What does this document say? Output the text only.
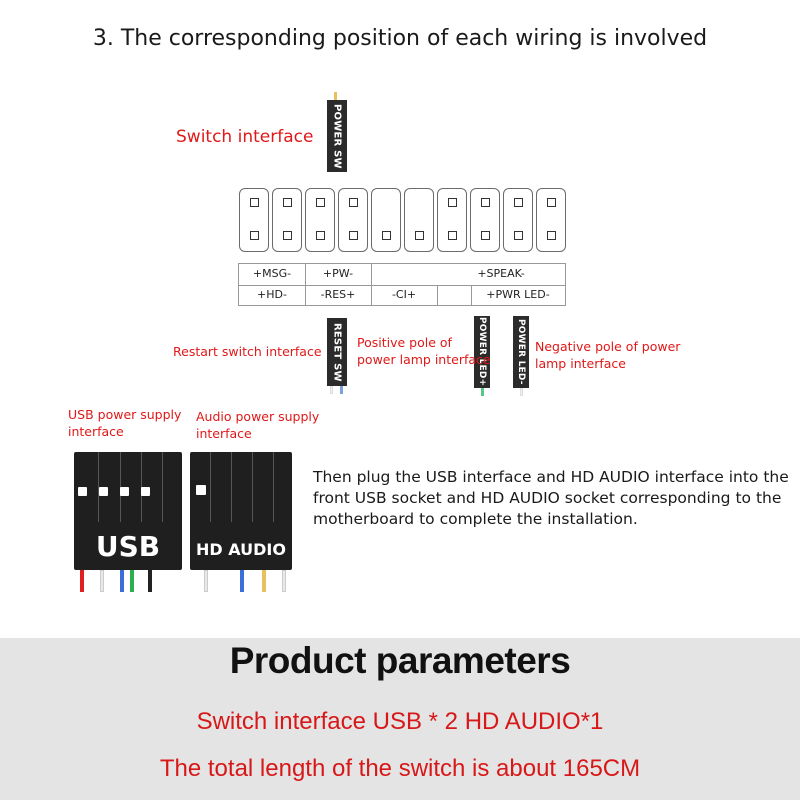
3. The corresponding position of each wiring is involved
Switch interface POWER SW
+MSG-	+PW-	+SPEAK-
+HD-	-RES+	-CI+	+PWR LED-
RESET SW	POWER LED+	POWER LED-
Restart switch interface
Positive pole of
power lamp interface
Negative pole of power
lamp interface
USB power supply
interface
Audio power supply
interface
USB	HD AUDIO
Then plug the USB interface and HD AUDIO interface into the
front USB socket and HD AUDIO socket corresponding to the
motherboard to complete the installation.
Product parameters
Switch interface USB * 2 HD AUDIO*1
The total length of the switch is about 165CM
